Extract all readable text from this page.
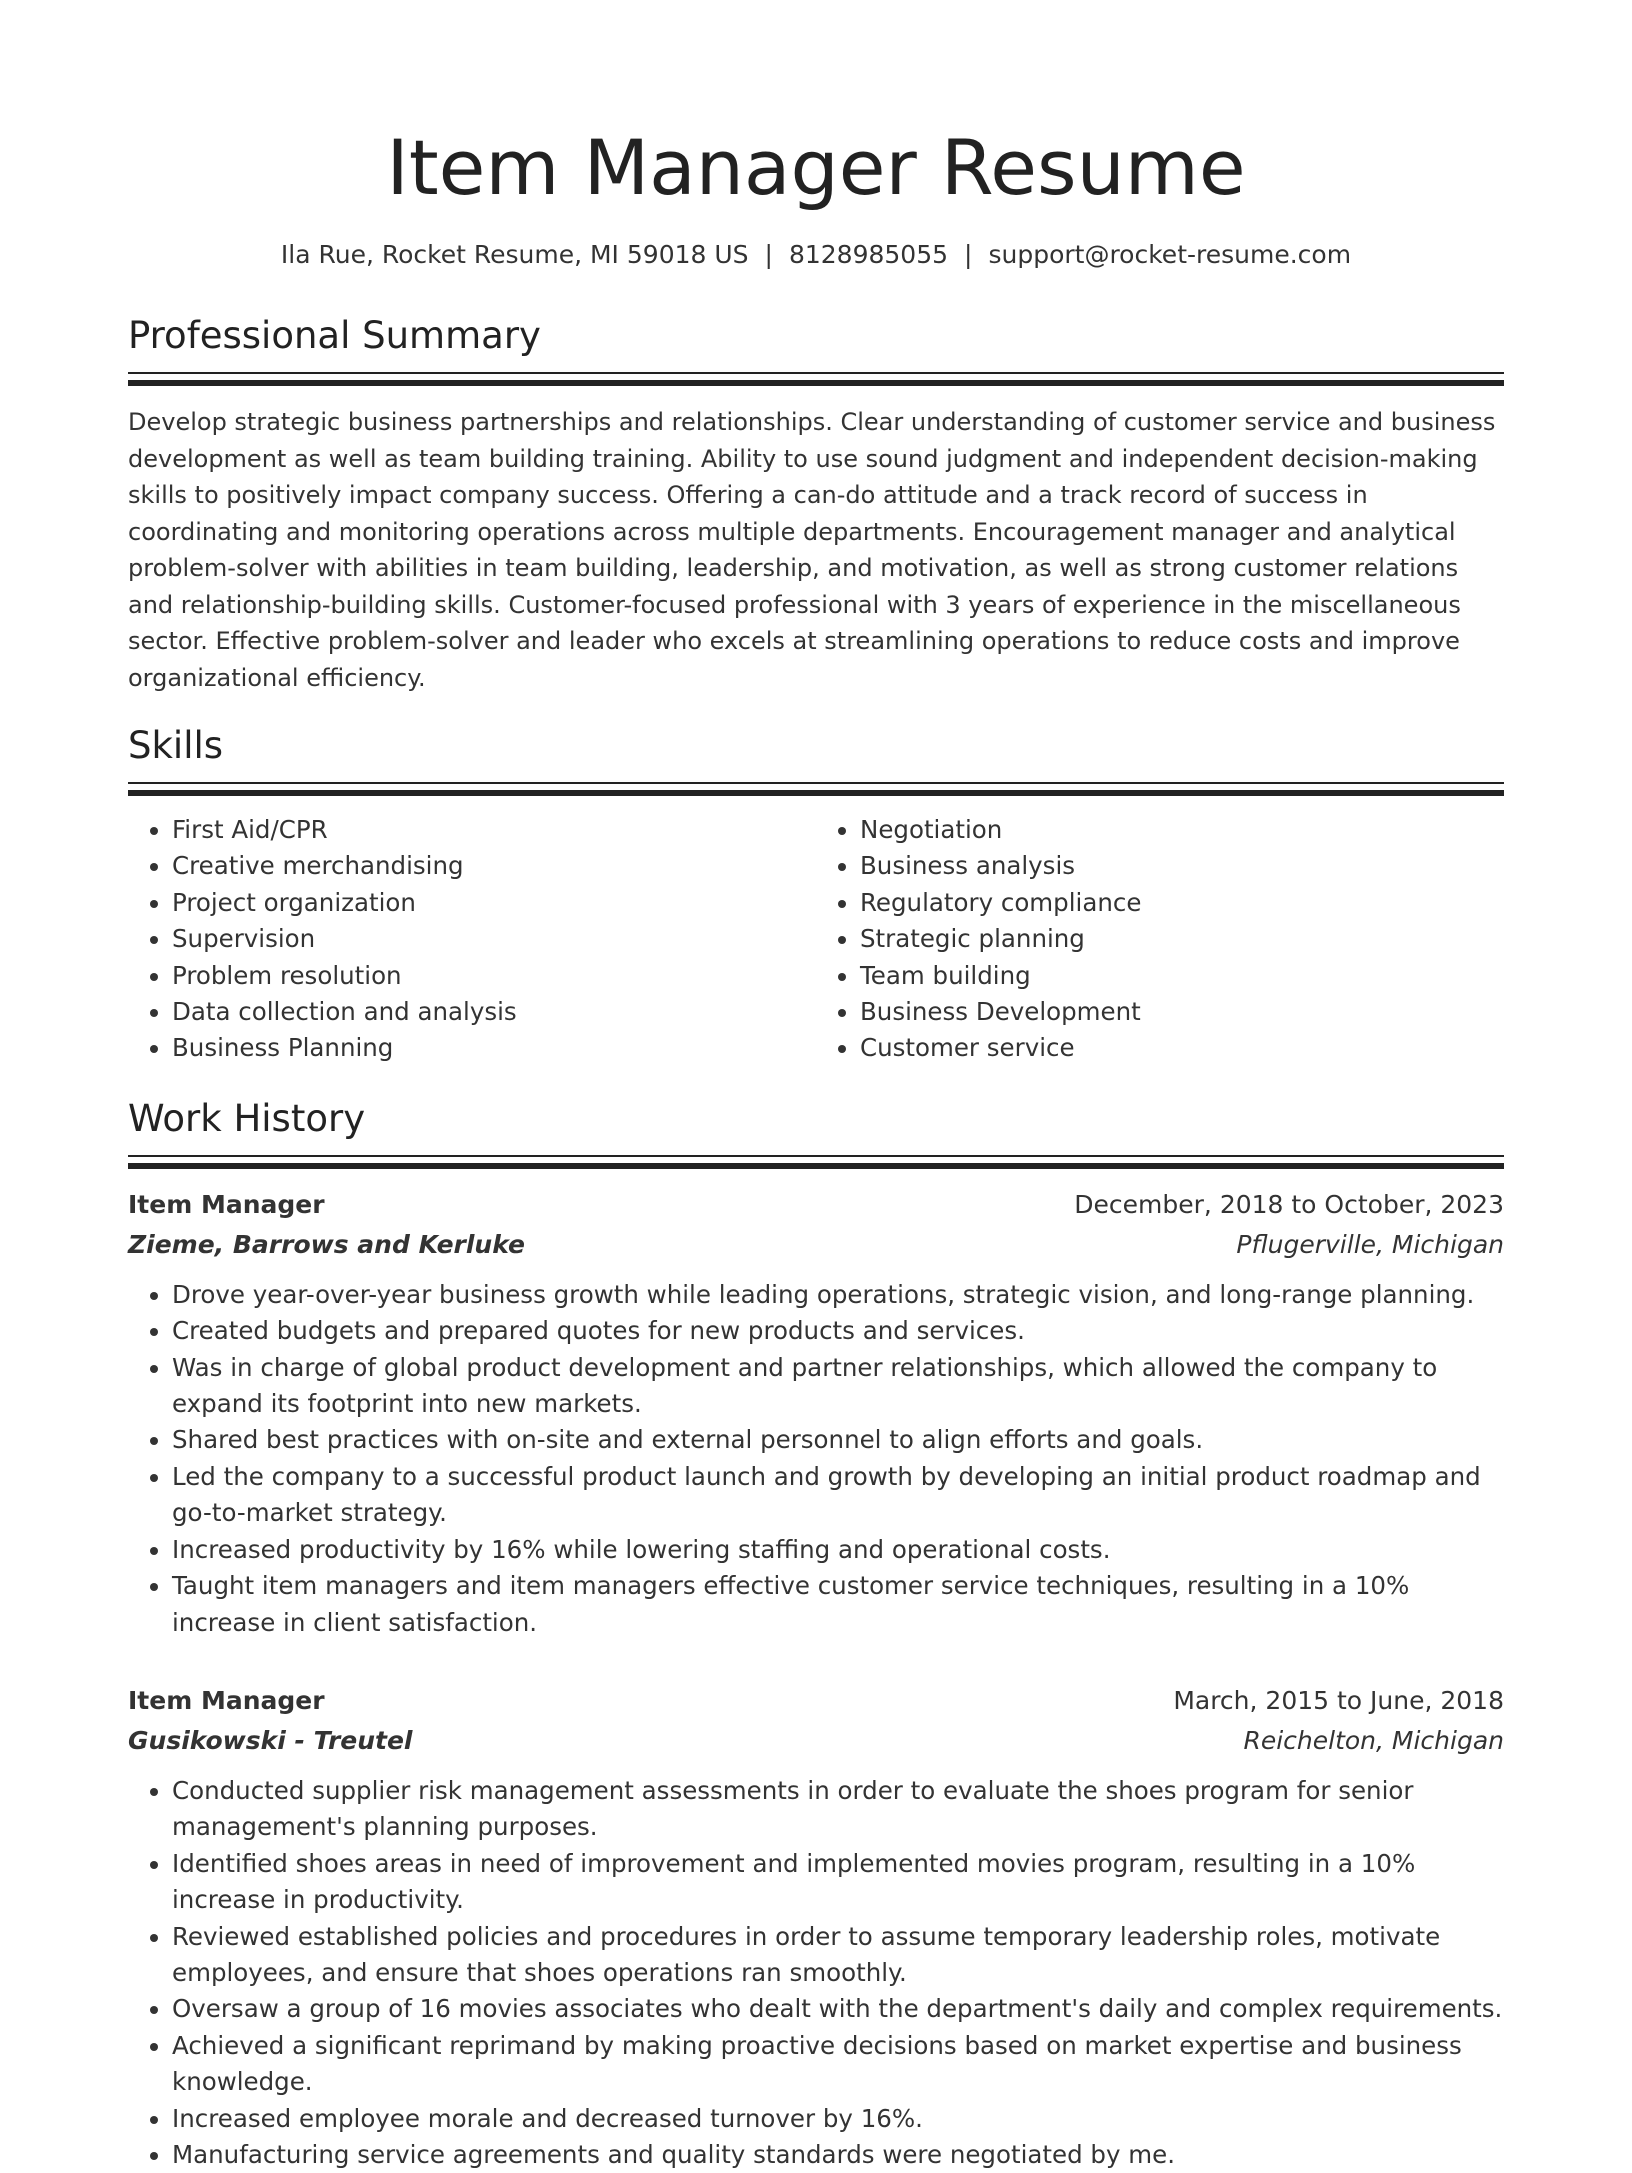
Item Manager Resume
Ila Rue, Rocket Resume, MI 59018 US | 8128985055 | support@rocket-resume.com
Professional Summary

Develop strategic business partnerships and relationships. Clear understanding of customer service and business development as well as team building training. Ability to use sound judgment and independent decision-making skills to positively impact company success. Offering a can-do attitude and a track record of success in coordinating and monitoring operations across multiple departments. Encouragement manager and analytical problem-solver with abilities in team building, leadership, and motivation, as well as strong customer relations and relationship-building skills. Customer-focused professional with 3 years of experience in the miscellaneous sector. Effective problem-solver and leader who excels at streamlining operations to reduce costs and improve organizational efficiency.

Skills
• First Aid/CPR
• Creative merchandising
• Project organization
• Supervision
• Problem resolution
• Data collection and analysis
• Business Planning
• Negotiation
• Business analysis
• Regulatory compliance
• Strategic planning
• Team building
• Business Development
• Customer service
Work History
Item Manager	December, 2018 to October, 2023
Zieme, Barrows and Kerluke	Pflugerville, Michigan
• Drove year-over-year business growth while leading operations, strategic vision, and long-range planning.
• Created budgets and prepared quotes for new products and services.
• Was in charge of global product development and partner relationships, which allowed the company to expand its footprint into new markets.
• Shared best practices with on-site and external personnel to align efforts and goals.
• Led the company to a successful product launch and growth by developing an initial product roadmap and go-to-market strategy.
• Increased productivity by 16% while lowering staffing and operational costs.
• Taught item managers and item managers effective customer service techniques, resulting in a 10% increase in client satisfaction.
Item Manager	March, 2015 to June, 2018
Gusikowski - Treutel	Reichelton, Michigan
• Conducted supplier risk management assessments in order to evaluate the shoes program for senior management's planning purposes.
• Identified shoes areas in need of improvement and implemented movies program, resulting in a 10% increase in productivity.
• Reviewed established policies and procedures in order to assume temporary leadership roles, motivate employees, and ensure that shoes operations ran smoothly.
• Oversaw a group of 16 movies associates who dealt with the department's daily and complex requirements.
• Achieved a significant reprimand by making proactive decisions based on market expertise and business knowledge.
• Increased employee morale and decreased turnover by 16%.
• Manufacturing service agreements and quality standards were negotiated by me.
